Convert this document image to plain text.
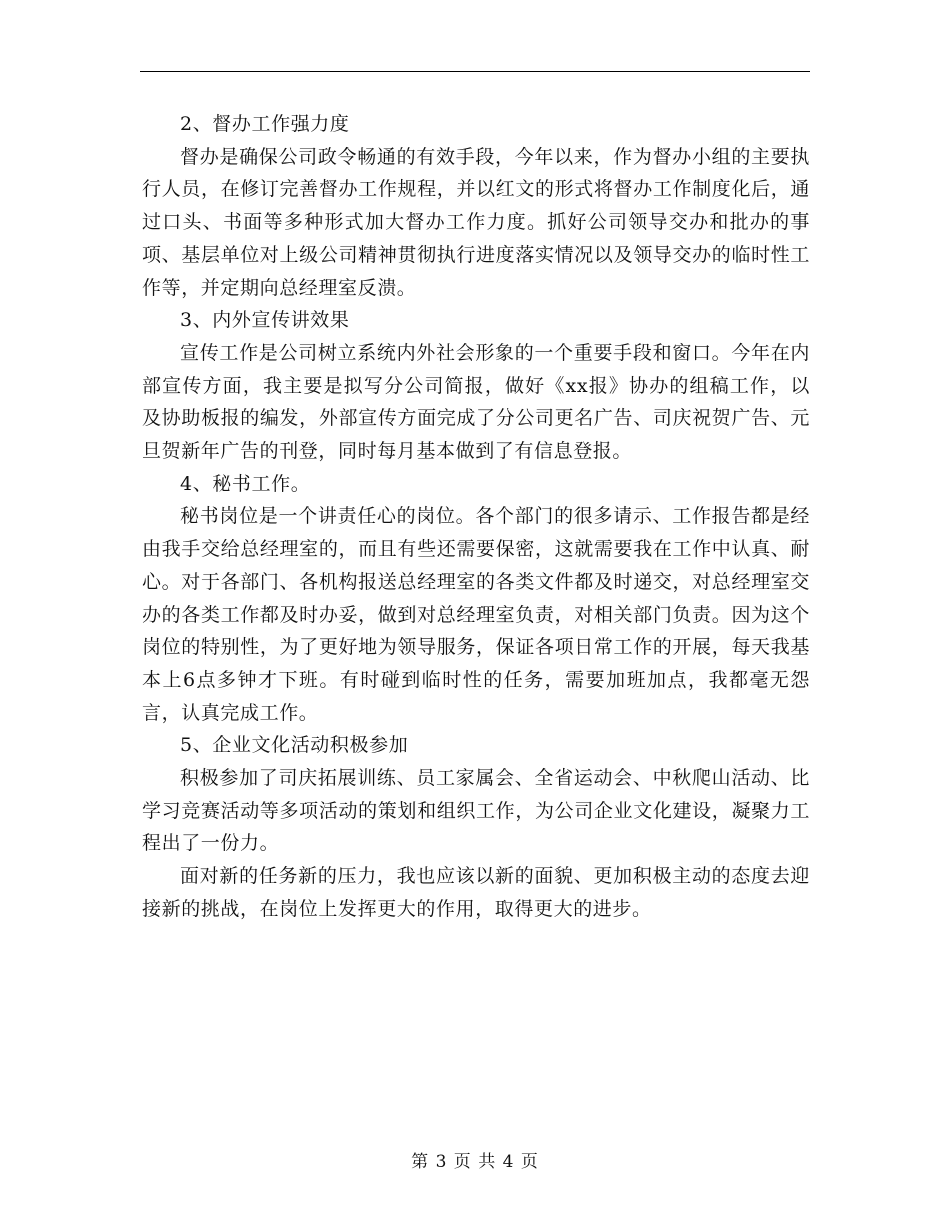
2、督办工作强力度

督办是确保公司政令畅通的有效手段，今年以来，作为督办小组的主要执行人员，在修订完善督办工作规程，并以红文的形式将督办工作制度化后，通过口头、书面等多种形式加大督办工作力度。抓好公司领导交办和批办的事项、基层单位对上级公司精神贯彻执行进度落实情况以及领导交办的临时性工作等，并定期向总经理室反溃。

3、内外宣传讲效果

宣传工作是公司树立系统内外社会形象的一个重要手段和窗口。今年在内部宣传方面，我主要是拟写分公司简报，做好《xx报》协办的组稿工作，以及协助板报的编发，外部宣传方面完成了分公司更名广告、司庆祝贺广告、元旦贺新年广告的刊登，同时每月基本做到了有信息登报。

4、秘书工作。

秘书岗位是一个讲责任心的岗位。各个部门的很多请示、工作报告都是经由我手交给总经理室的，而且有些还需要保密，这就需要我在工作中认真、耐心。对于各部门、各机构报送总经理室的各类文件都及时递交，对总经理室交办的各类工作都及时办妥，做到对总经理室负责，对相关部门负责。因为这个岗位的特别性，为了更好地为领导服务，保证各项日常工作的开展，每天我基本上6点多钟才下班。有时碰到临时性的任务，需要加班加点，我都毫无怨言，认真完成工作。

5、企业文化活动积极参加

积极参加了司庆拓展训练、员工家属会、全省运动会、中秋爬山活动、比学习竞赛活动等多项活动的策划和组织工作，为公司企业文化建设，凝聚力工程出了一份力。

面对新的任务新的压力，我也应该以新的面貌、更加积极主动的态度去迎接新的挑战，在岗位上发挥更大的作用，取得更大的进步。

第 3 页 共 4 页
